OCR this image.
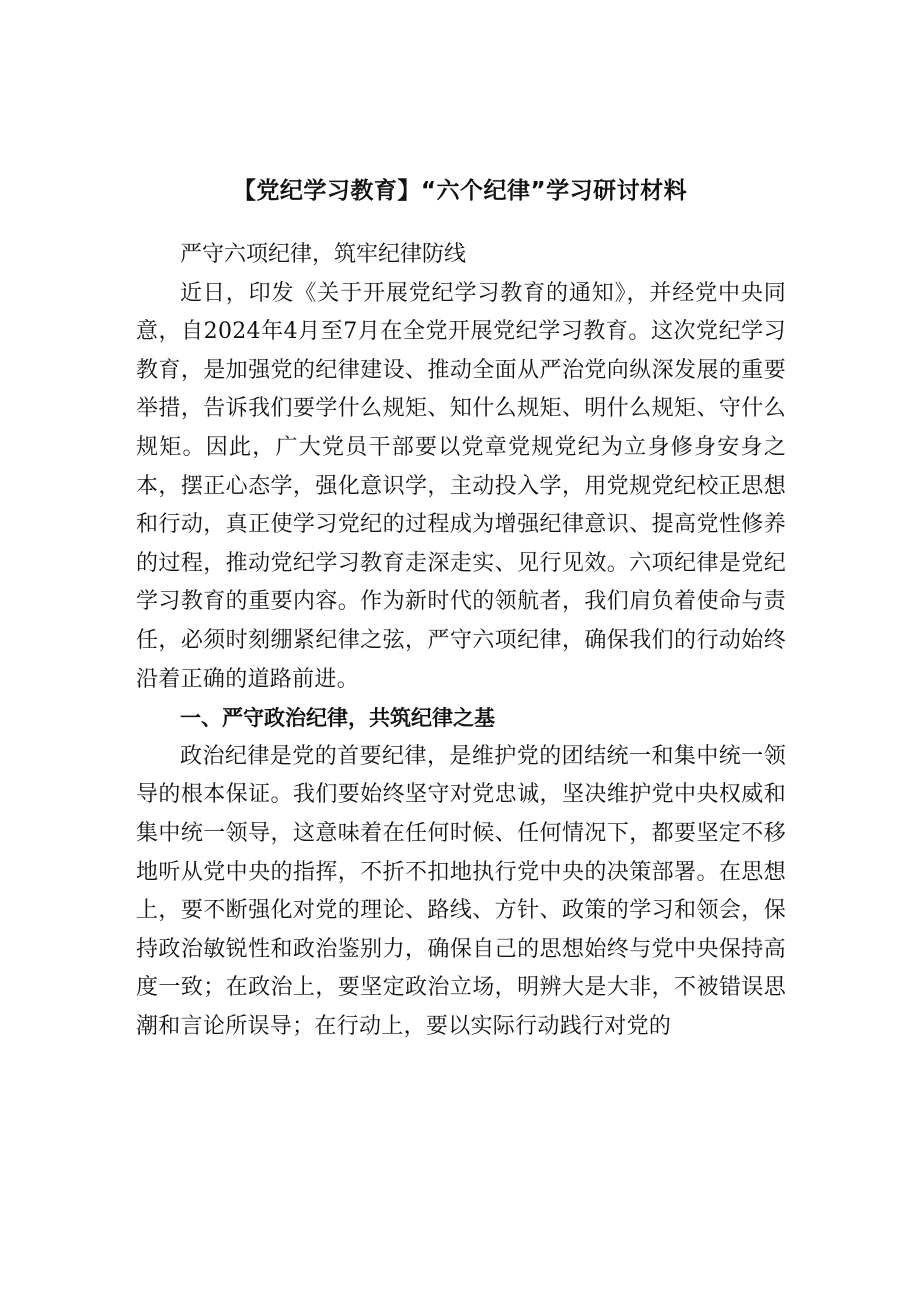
【党纪学习教育】“六个纪律”学习研讨材料

严守六项纪律，筑牢纪律防线

近日，印发《关于开展党纪学习教育的通知》，并经党中央同意，自2024年4月至7月在全党开展党纪学习教育。这次党纪学习教育，是加强党的纪律建设、推动全面从严治党向纵深发展的重要举措，告诉我们要学什么规矩、知什么规矩、明什么规矩、守什么规矩。因此，广大党员干部要以党章党规党纪为立身修身安身之本，摆正心态学，强化意识学，主动投入学，用党规党纪校正思想和行动，真正使学习党纪的过程成为增强纪律意识、提高党性修养的过程，推动党纪学习教育走深走实、见行见效。六项纪律是党纪学习教育的重要内容。作为新时代的领航者，我们肩负着使命与责任，必须时刻绷紧纪律之弦，严守六项纪律，确保我们的行动始终沿着正确的道路前进。

一、严守政治纪律，共筑纪律之基

政治纪律是党的首要纪律，是维护党的团结统一和集中统一领导的根本保证。我们要始终坚守对党忠诚，坚决维护党中央权威和集中统一领导，这意味着在任何时候、任何情况下，都要坚定不移地听从党中央的指挥，不折不扣地执行党中央的决策部署。在思想上，要不断强化对党的理论、路线、方针、政策的学习和领会，保持政治敏锐性和政治鉴别力，确保自己的思想始终与党中央保持高度一致；在政治上，要坚定政治立场，明辨大是大非，不被错误思潮和言论所误导；在行动上，要以实际行动践行对党的
